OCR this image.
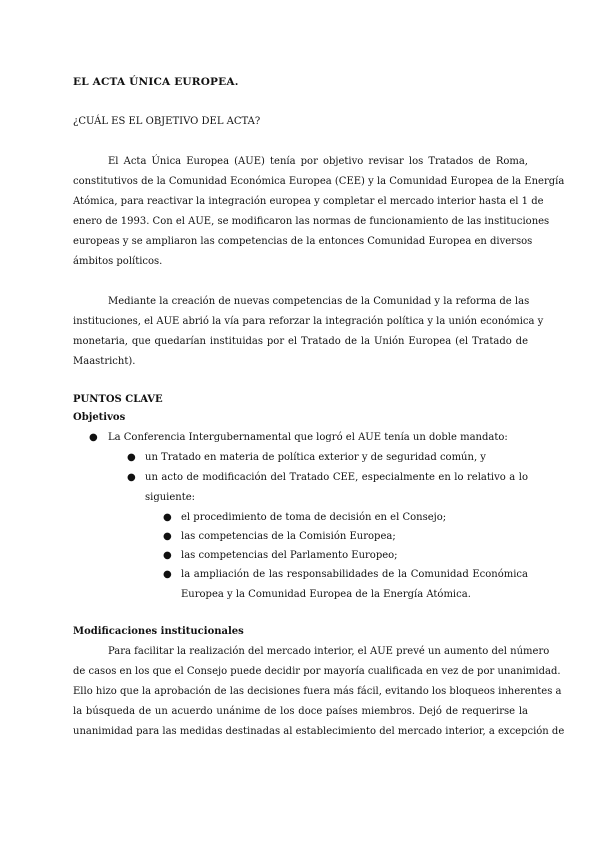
EL ACTA ÚNICA EUROPEA.
¿CUÁL ES EL OBJETIVO DEL ACTA?
El Acta Única Europea (AUE) tenía por objetivo revisar los Tratados de Roma,
constitutivos de la Comunidad Económica Europea (CEE) y la Comunidad Europea de la Energía
Atómica, para reactivar la integración europea y completar el mercado interior hasta el 1 de
enero de 1993. Con el AUE, se modificaron las normas de funcionamiento de las instituciones
europeas y se ampliaron las competencias de la entonces Comunidad Europea en diversos
ámbitos políticos.
Mediante la creación de nuevas competencias de la Comunidad y la reforma de las
instituciones, el AUE abrió la vía para reforzar la integración política y la unión económica y
monetaria, que quedarían instituidas por el Tratado de la Unión Europea (el Tratado de
Maastricht).
PUNTOS CLAVE
Objetivos
● La Conferencia Intergubernamental que logró el AUE tenía un doble mandato:
● un Tratado en materia de política exterior y de seguridad común, y
● un acto de modificación del Tratado CEE, especialmente en lo relativo a lo
siguiente:
● el procedimiento de toma de decisión en el Consejo;
● las competencias de la Comisión Europea;
● las competencias del Parlamento Europeo;
● la ampliación de las responsabilidades de la Comunidad Económica
Europea y la Comunidad Europea de la Energía Atómica.
Modificaciones institucionales
Para facilitar la realización del mercado interior, el AUE prevé un aumento del número
de casos en los que el Consejo puede decidir por mayoría cualificada en vez de por unanimidad.
Ello hizo que la aprobación de las decisiones fuera más fácil, evitando los bloqueos inherentes a
la búsqueda de un acuerdo unánime de los doce países miembros. Dejó de requerirse la
unanimidad para las medidas destinadas al establecimiento del mercado interior, a excepción de
